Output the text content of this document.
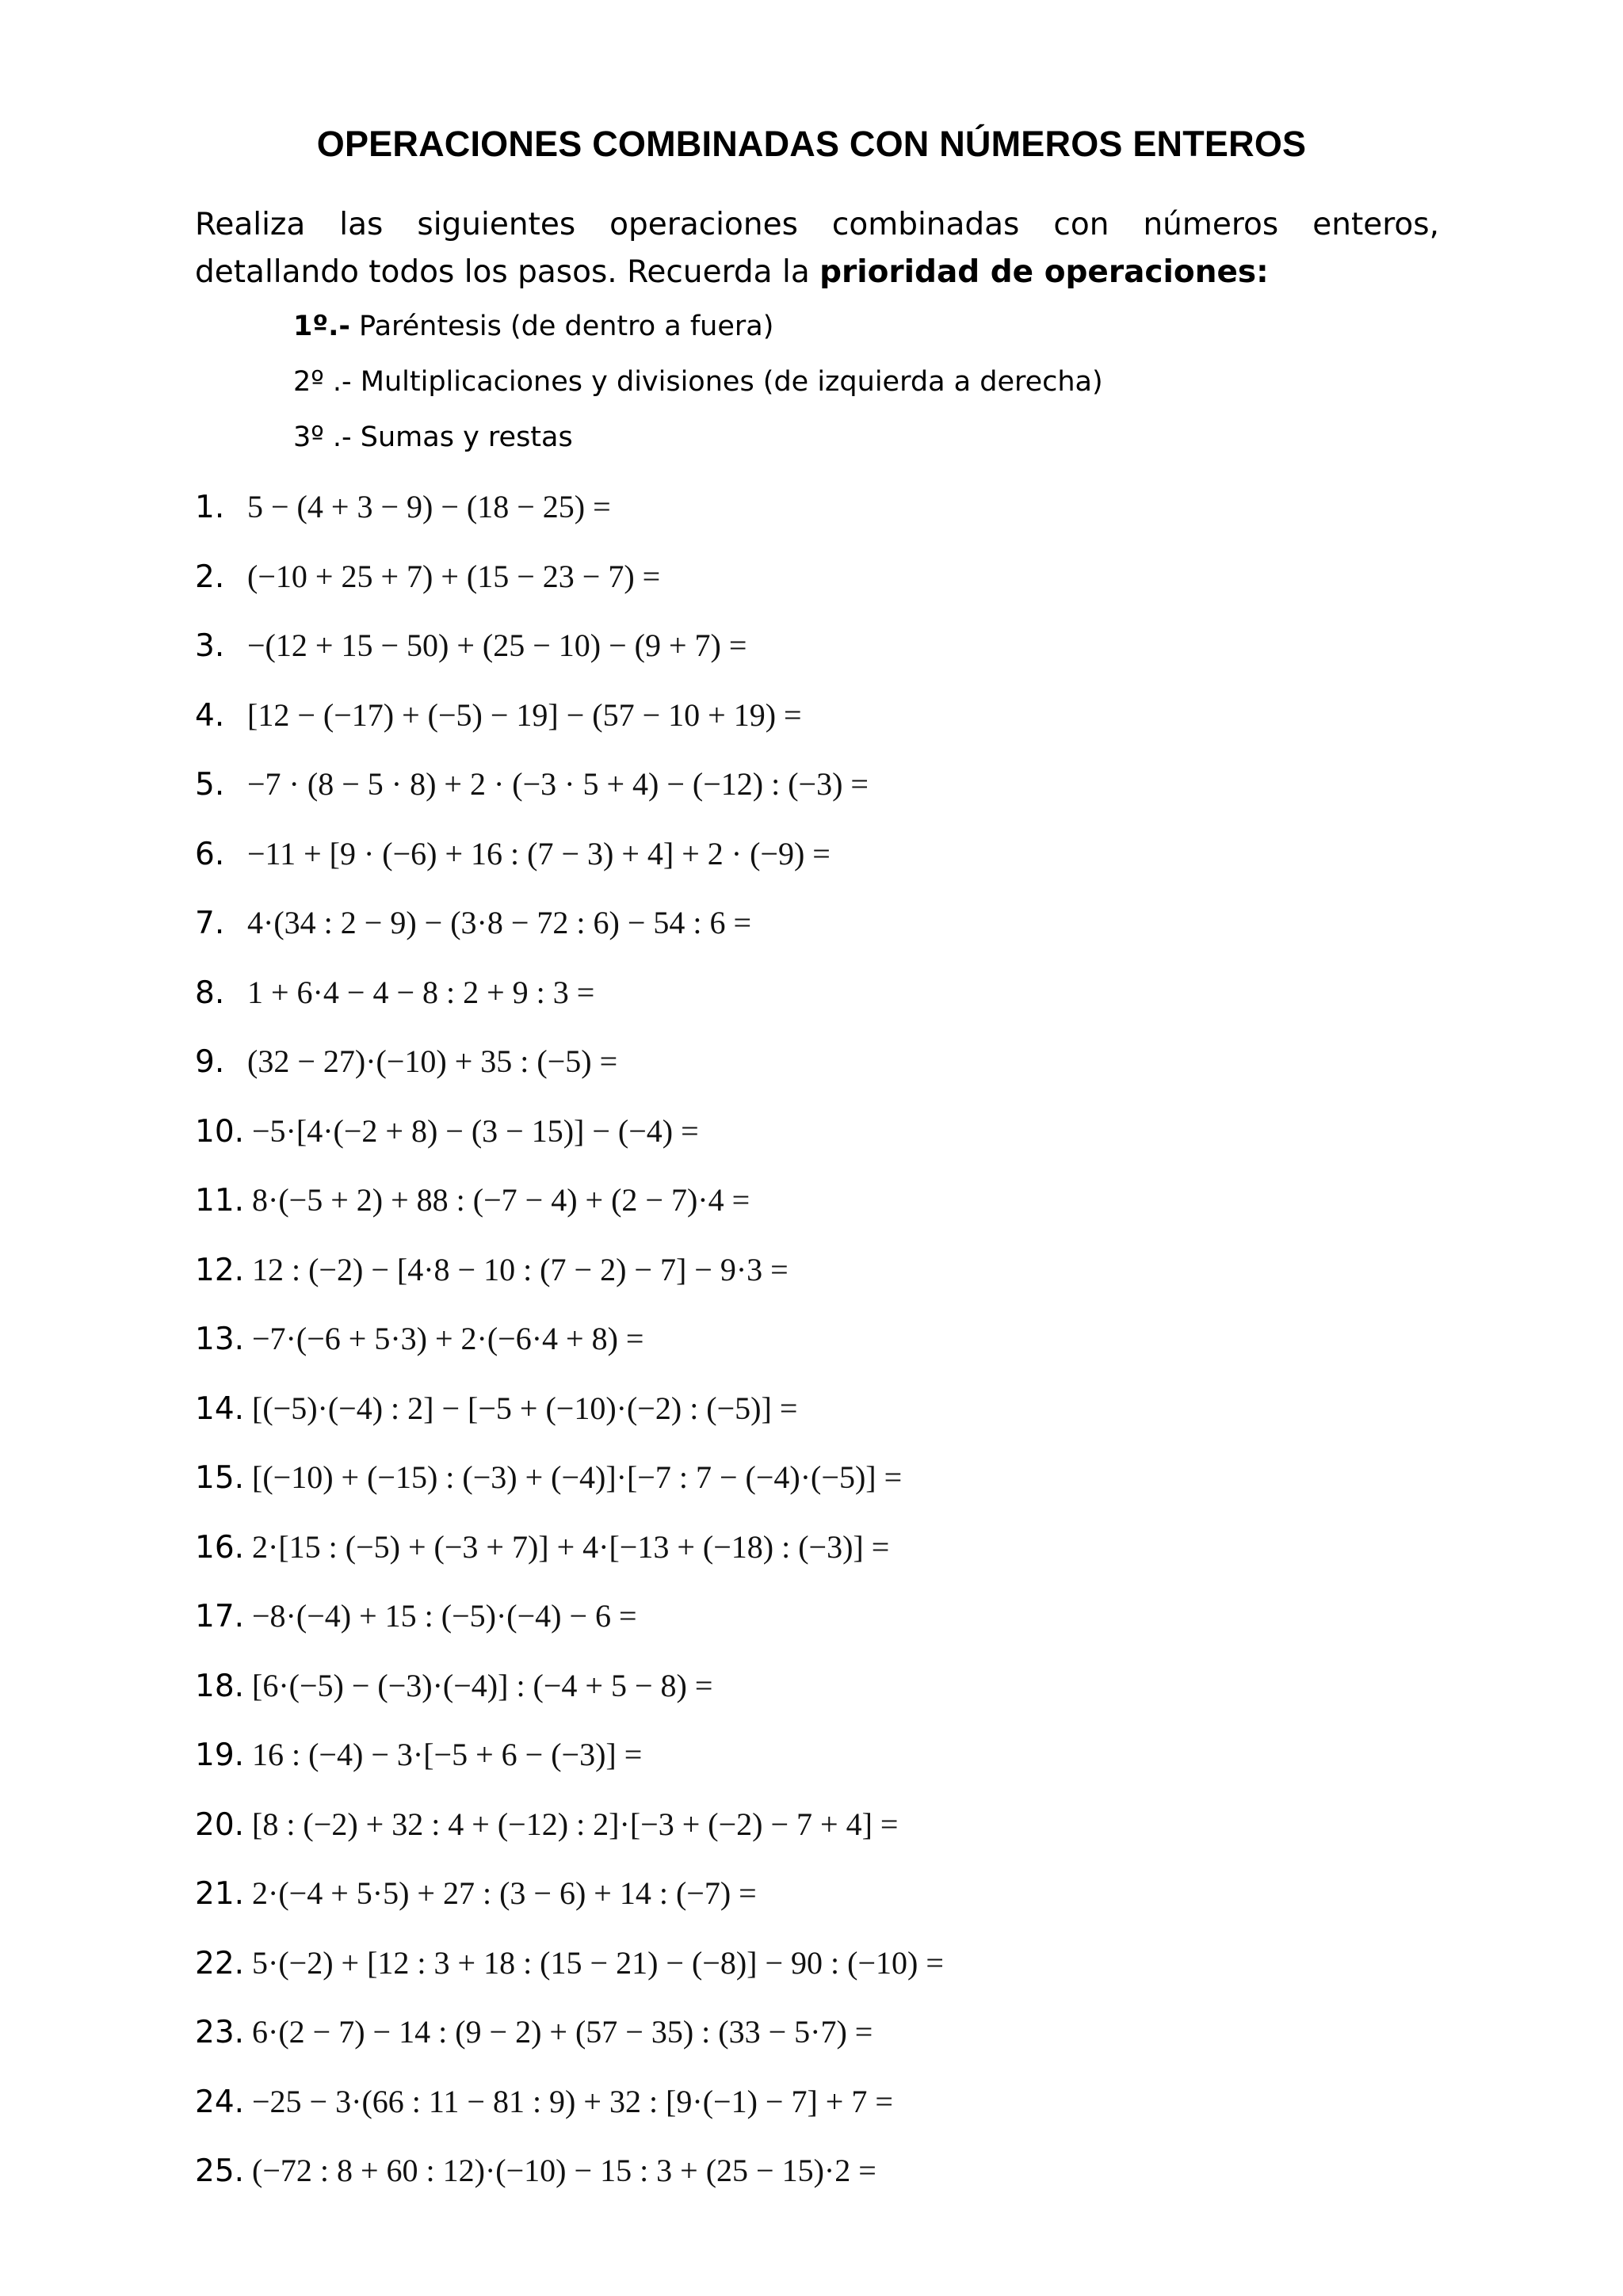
OPERACIONES COMBINADAS CON NÚMEROS ENTEROS
Realiza las siguientes operaciones combinadas con números enteros, detallando todos los pasos. Recuerda la prioridad de operaciones:
1º.- Paréntesis (de dentro a fuera)
2º .- Multiplicaciones y divisiones (de izquierda a derecha)
3º .- Sumas y restas
1. 5 − (4 + 3 − 9) − (18 − 25) =
2. (−10 + 25 + 7) + (15 − 23 − 7) =
3. −(12 + 15 − 50) + (25 − 10) − (9 + 7) =
4. [12 − (−17) + (−5) − 19] − (57 − 10 + 19) =
5. −7 · (8 − 5 · 8) + 2 · (−3 · 5 + 4) − (−12) : (−3) =
6. −11 + [9 · (−6) + 16 : (7 − 3) + 4] + 2 · (−9) =
7. 4·(34 : 2 − 9) − (3·8 − 72 : 6) − 54 : 6 =
8. 1 + 6·4 − 4 − 8 : 2 + 9 : 3 =
9. (32 − 27)·(−10) + 35 : (−5) =
10. −5·[4·(−2 + 8) − (3 − 15)] − (−4) =
11. 8·(−5 + 2) + 88 : (−7 − 4) + (2 − 7)·4 =
12. 12 : (−2) − [4·8 − 10 : (7 − 2) − 7] − 9·3 =
13. −7·(−6 + 5·3) + 2·(−6·4 + 8) =
14. [(−5)·(−4) : 2] − [−5 + (−10)·(−2) : (−5)] =
15. [(−10) + (−15) : (−3) + (−4)]·[−7 : 7 − (−4)·(−5)] =
16. 2·[15 : (−5) + (−3 + 7)] + 4·[−13 + (−18) : (−3)] =
17. −8·(−4) + 15 : (−5)·(−4) − 6 =
18. [6·(−5) − (−3)·(−4)] : (−4 + 5 − 8) =
19. 16 : (−4) − 3·[−5 + 6 − (−3)] =
20. [8 : (−2) + 32 : 4 + (−12) : 2]·[−3 + (−2) − 7 + 4] =
21. 2·(−4 + 5·5) + 27 : (3 − 6) + 14 : (−7) =
22. 5·(−2) + [12 : 3 + 18 : (15 − 21) − (−8)] − 90 : (−10) =
23. 6·(2 − 7) − 14 : (9 − 2) + (57 − 35) : (33 − 5·7) =
24. −25 − 3·(66 : 11 − 81 : 9) + 32 : [9·(−1) − 7] + 7 =
25. (−72 : 8 + 60 : 12)·(−10) − 15 : 3 + (25 − 15)·2 =
